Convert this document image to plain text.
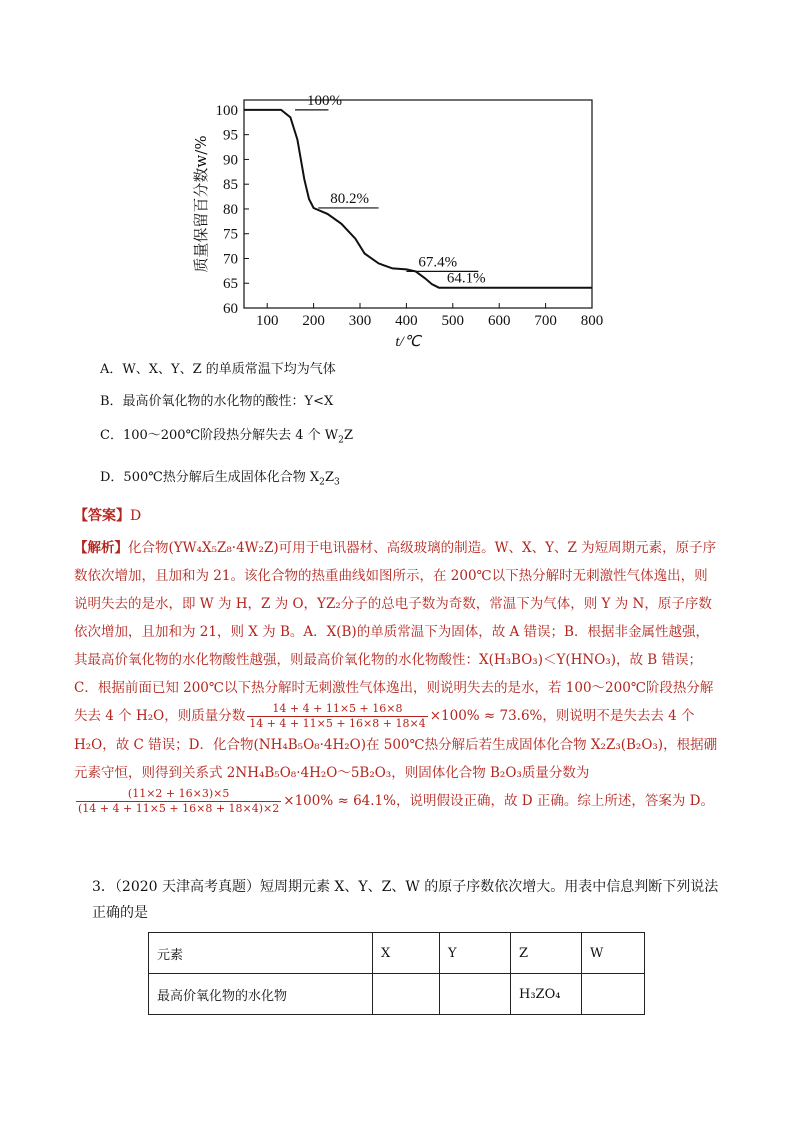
60
65
70
75
80
85
90
95
100
100 200 300 400 500 600 700 800
t/℃
质量保留百分数w/%
100%
80.2%
67.4%
64.1%
A．W、X、Y、Z 的单质常温下均为气体
B．最高价氧化物的水化物的酸性：Y<X
C．100～200℃阶段热分解失去 4 个 $W_2Z$
D．500℃热分解后生成固体化合物 $X_2Z_3$
【答案】D
【解析】化合物(YW₄X₅Z₈·4W₂Z)可用于电讯器材、高级玻璃的制造。W、X、Y、Z 为短周期元素，原子序数依次增加，且加和为 21。该化合物的热重曲线如图所示，在 200℃以下热分解时无刺激性气体逸出，则说明失去的是水，即 W 为 H，Z 为 O，YZ₂分子的总电子数为奇数，常温下为气体，则 Y 为 N，原子序数依次增加，且加和为 21，则 X 为 B。A．X(B)的单质常温下为固体，故 A 错误；B．根据非金属性越强，其最高价氧化物的水化物酸性越强，则最高价氧化物的水化物酸性：X(H₃BO₃)＜Y(HNO₃)，故 B 错误；C．根据前面已知 200℃以下热分解时无刺激性气体逸出，则说明失去的是水，若 100～200℃阶段热分解失去 4 个 H₂O，则质量分数 $\frac{14 + 4 + 11\times 5 + 16\times 8}{14 + 4 + 11\times 5 + 16\times 8 + 18\times 4} \times 100\% \approx 73.6\%$，则说明不是失去去 4 个 H₂O，故 C 错误；D．化合物(NH₄B₅O₈·4H₂O)在 500℃热分解后若生成固体化合物 X₂Z₃(B₂O₃)，根据硼元素守恒，则得到关系式 2NH₄B₅O₈·4H₂O～5B₂O₃，则固体化合物 B₂O₃质量分数为

$\frac{(11\times 2 + 16\times 3)\times 5}{(14 + 4 + 11\times 5 + 16\times 8 + 18\times 4)\times 2} \times 100\% \approx 64.1\%$，说明假设正确，故 D 正确。综上所述，答案为 D。
3．（2020 天津高考真题）短周期元素 X、Y、Z、W 的原子序数依次增大。用表中信息判断下列说法正确的是
元素	X	Y	Z	W
最高价氧化物的水化物			H₃ZO₄	
